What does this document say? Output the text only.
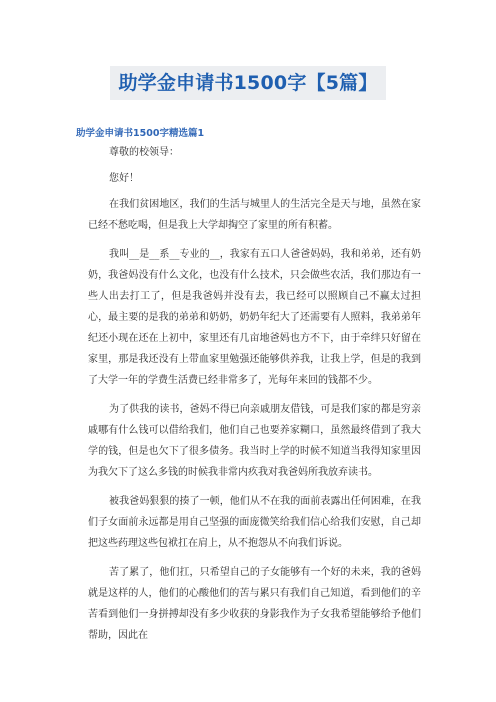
助学金申请书1500字【5篇】
助学金申请书1500字精选篇1

尊敬的校领导：

您好！

在我们贫困地区，我们的生活与城里人的生活完全是天与地，虽然在家已经不愁吃喝，但是我上大学却掏空了家里的所有积蓄。

我叫__是__系__专业的__，我家有五口人爸爸妈妈，我和弟弟，还有奶奶，我爸妈没有什么文化，也没有什么技术，只会做些农活，我们那边有一些人出去打工了，但是我爸妈并没有去，我已经可以照顾自己不赢太过担心，最主要的是我的弟弟和奶奶，奶奶年纪大了还需要有人照料，我弟弟年纪还小现在还在上初中，家里还有几亩地爸妈也方不下，由于牵绊只好留在家里，那是我还没有上带血家里勉强还能够供养我，让我上学，但是的我到了大学一年的学费生活费已经非常多了，光每年来回的钱都不少。

为了供我的读书，爸妈不得已向亲戚朋友借钱，可是我们家的都是穷亲戚哪有什么钱可以借给我们，他们自己也要养家糊口，虽然最终借到了我大学的钱，但是也欠下了很多债务。我当时上学的时候不知道当我得知家里因为我欠下了这么多钱的时候我非常内疚我对我爸妈所我放弃读书。

被我爸妈狠狠的揍了一顿，他们从不在我的面前表露出任何困难，在我们子女面前永远都是用自己坚强的面庞微笑给我们信心给我们安慰，自己却把这些药理这些包袱扛在肩上，从不抱怨从不向我们诉说。

苦了累了，他们扛，只希望自己的子女能够有一个好的未来，我的爸妈就是这样的人，他们的心酸他们的苦与累只有我们自己知道，看到他们的辛苦看到他们一身拼搏却没有多少收获的身影我作为子女我希望能够给予他们帮助，因此在
